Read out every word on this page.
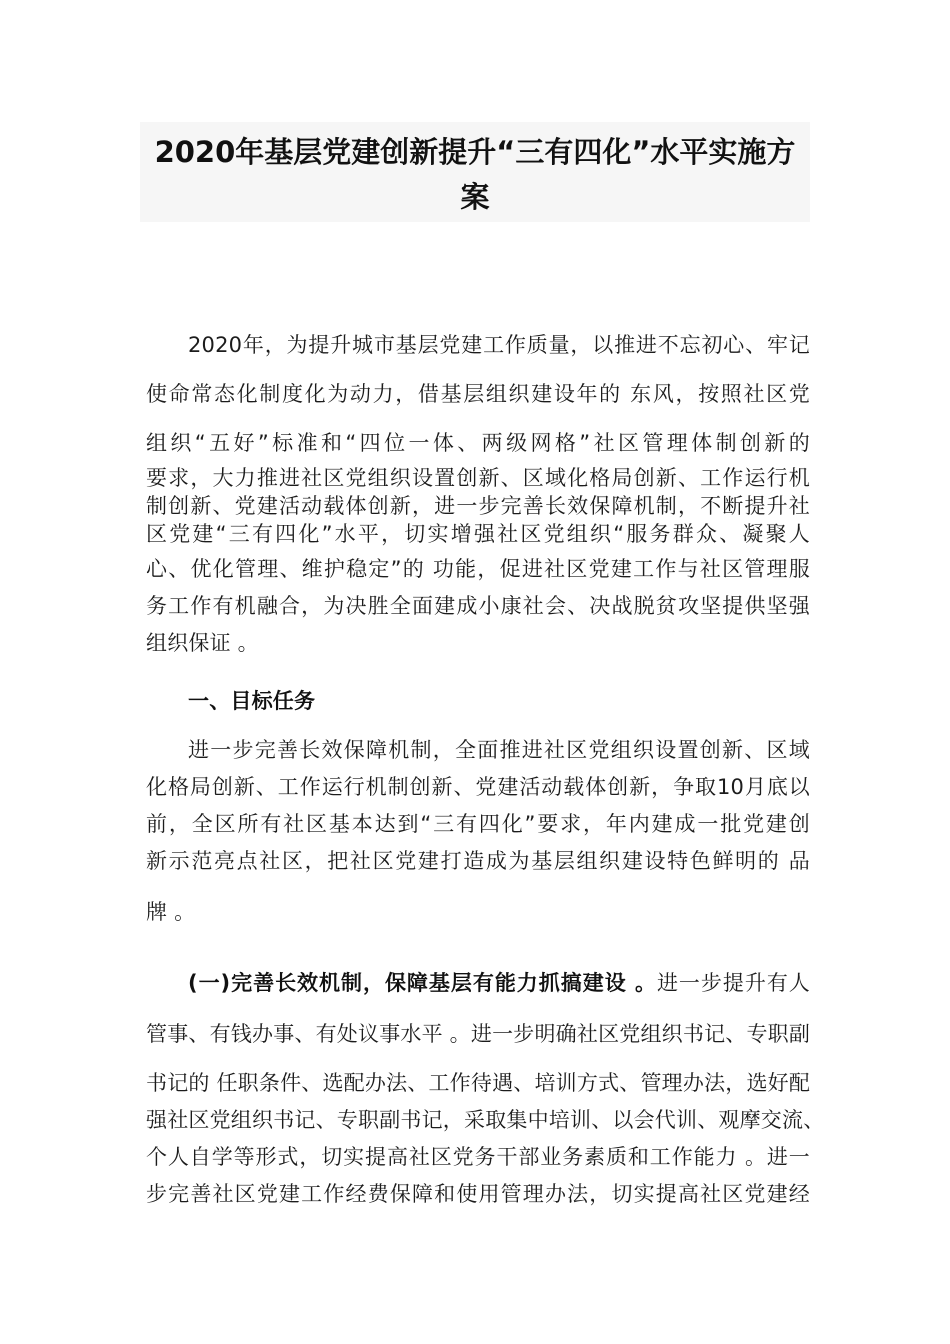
2020年基层党建创新提升“三有四化”水平实施方
案
2020年，为提升城市基层党建工作质量，以推进不忘初心、牢记
使命常态化制度化为动力，借基层组织建设年的 东风，按照社区党
组织“五好”标准和“四位一体、两级网格”社区管理体制创新的
要求，大力推进社区党组织设置创新、区域化格局创新、工作运行机
制创新、党建活动载体创新，进一步完善长效保障机制，不断提升社
区党建“三有四化”水平，切实增强社区党组织“服务群众、凝聚人
心、优化管理、维护稳定”的 功能，促进社区党建工作与社区管理服
务工作有机融合，为决胜全面建成小康社会、决战脱贫攻坚提供坚强
组织保证 。
一、目标任务
进一步完善长效保障机制，全面推进社区党组织设置创新、区域
化格局创新、工作运行机制创新、党建活动载体创新，争取10月底以
前，全区所有社区基本达到“三有四化”要求，年内建成一批党建创
新示范亮点社区，把社区党建打造成为基层组织建设特色鲜明的 品
牌 。
(一)完善长效机制，保障基层有能力抓搞建设 。进一步提升有人
管事、有钱办事、有处议事水平 。进一步明确社区党组织书记、专职副
书记的 任职条件、选配办法、工作待遇、培训方式、管理办法，选好配
强社区党组织书记、专职副书记，采取集中培训、以会代训、观摩交流、
个人自学等形式，切实提高社区党务干部业务素质和工作能力 。进一
步完善社区党建工作经费保障和使用管理办法，切实提高社区党建经
